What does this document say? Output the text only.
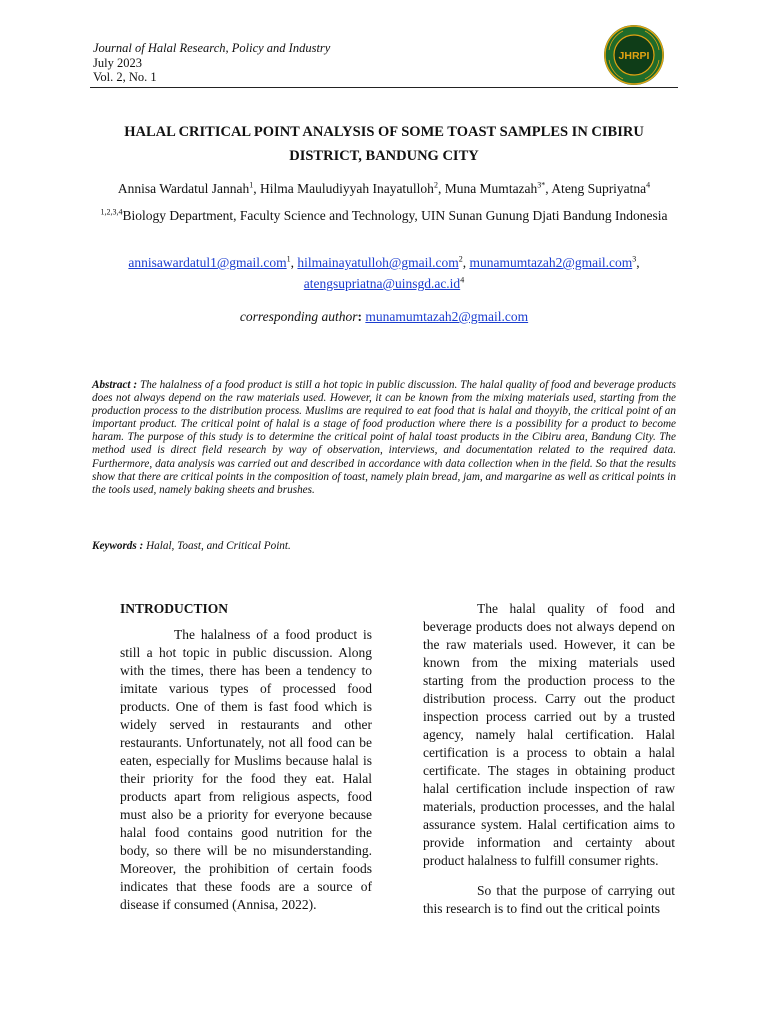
Journal of Halal Research, Policy and Industry
July 2023
Vol. 2, No. 1
JHRPI
HALAL CRITICAL POINT ANALYSIS OF SOME TOAST SAMPLES IN CIBIRU DISTRICT, BANDUNG CITY
Annisa Wardatul Jannah$^1$, Hilma Mauludiyyah Inayatulloh$^2$, Muna Mumtazah$^{3*}$, Ateng Supriyatna$^4$
$^{1,2,3,4}$Biology Department, Faculty Science and Technology, UIN Sunan Gunung Djati Bandung Indonesia
annisawardatul1@gmail.com$^1$, hilmainayatulloh@gmail.com$^2$, munamumtazah2@gmail.com$^3$,
$atengsupriatna@uinsgd.ac.id^4$
corresponding author: munamumtazah2@gmail.com
Abstract : The halalness of a food product is still a hot topic in public discussion. The halal quality of food and beverage products does not always depend on the raw materials used. However, it can be known from the mixing materials used, starting from the production process to the distribution process. Muslims are required to eat food that is halal and thoyyib, the critical point of an important product. The critical point of halal is a stage of food production where there is a possibility for a product to become haram. The purpose of this study is to determine the critical point of halal toast products in the Cibiru area, Bandung City. The method used is direct field research by way of observation, interviews, and documentation related to the required data. Furthermore, data analysis was carried out and described in accordance with data collection when in the field. So that the results show that there are critical points in the composition of toast, namely plain bread, jam, and margarine as well as critical points in the tools used, namely baking sheets and brushes.
Keywords : Halal, Toast, and Critical Point.
INTRODUCTION

The halalness of a food product is still a hot topic in public discussion. Along with the times, there has been a tendency to imitate various types of processed food products. One of them is fast food which is widely served in restaurants and other restaurants. Unfortunately, not all food can be eaten, especially for Muslims because halal is their priority for the food they eat. Halal products apart from religious aspects, food must also be a priority for everyone because halal food contains good nutrition for the body, so there will be no misunderstanding. Moreover, the prohibition of certain foods indicates that these foods are a source of disease if consumed (Annisa, 2022).

The halal quality of food and beverage products does not always depend on the raw materials used. However, it can be known from the mixing materials used starting from the production process to the distribution process. Carry out the product inspection process carried out by a trusted agency, namely halal certification. Halal certification is a process to obtain a halal certificate. The stages in obtaining product halal certification include inspection of raw materials, production processes, and the halal assurance system. Halal certification aims to provide information and certainty about product halalness to fulfill consumer rights.

So that the purpose of carrying out this research is to find out the critical points
